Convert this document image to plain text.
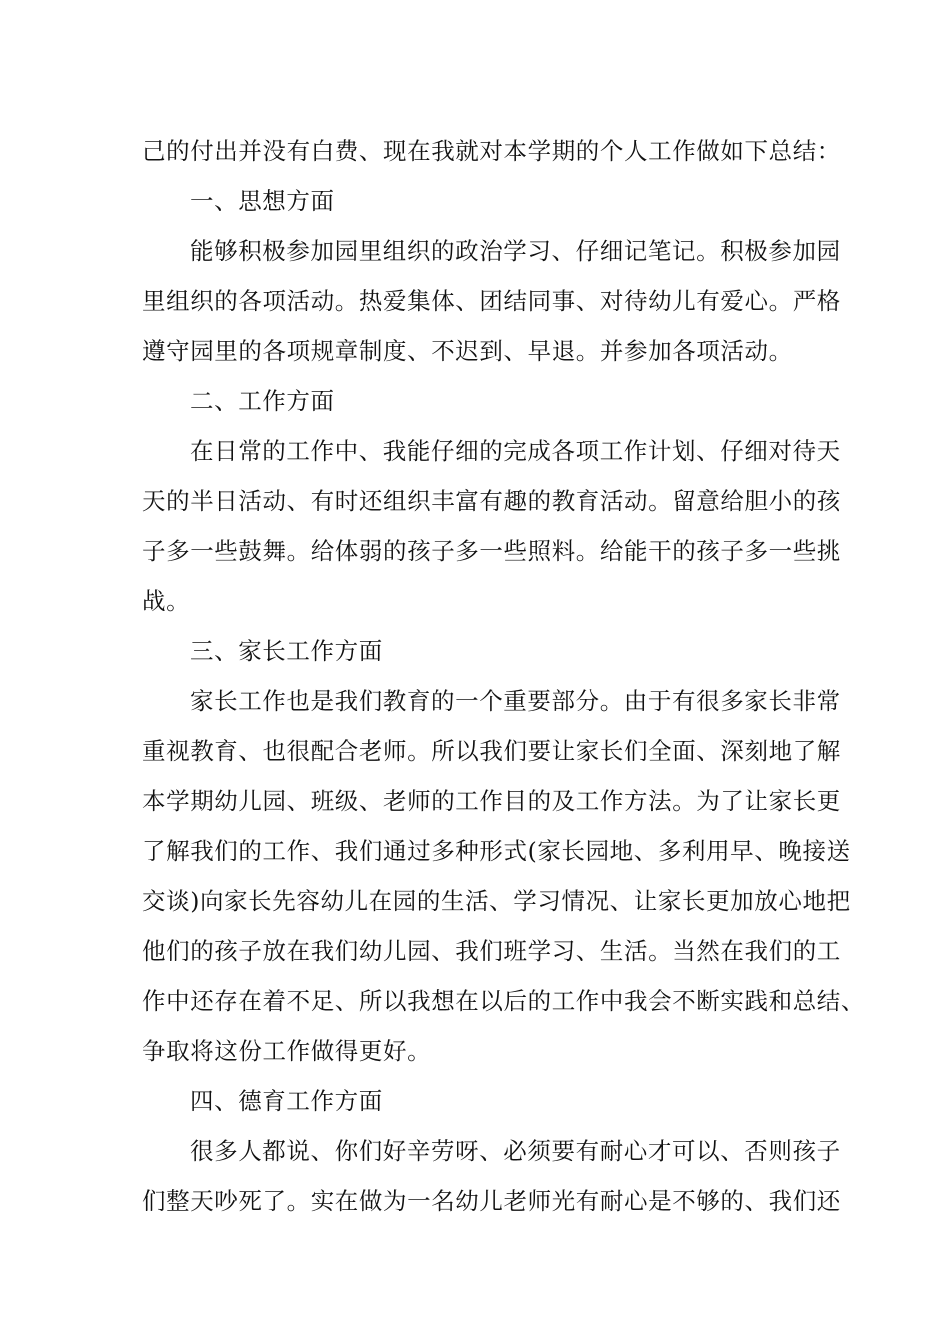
己的付出并没有白费、现在我就对本学期的个人工作做如下总结：
一、思想方面
能够积极参加园里组织的政治学习、仔细记笔记。积极参加园
里组织的各项活动。热爱集体、团结同事、对待幼儿有爱心。严格
遵守园里的各项规章制度、不迟到、早退。并参加各项活动。
二、工作方面
在日常的工作中、我能仔细的完成各项工作计划、仔细对待天
天的半日活动、有时还组织丰富有趣的教育活动。留意给胆小的孩
子多一些鼓舞。给体弱的孩子多一些照料。给能干的孩子多一些挑
战。
三、家长工作方面
家长工作也是我们教育的一个重要部分。由于有很多家长非常
重视教育、也很配合老师。所以我们要让家长们全面、深刻地了解
本学期幼儿园、班级、老师的工作目的及工作方法。为了让家长更
了解我们的工作、我们通过多种形式(家长园地、多利用早、晚接送
交谈)向家长先容幼儿在园的生活、学习情况、让家长更加放心地把
他们的孩子放在我们幼儿园、我们班学习、生活。当然在我们的工
作中还存在着不足、所以我想在以后的工作中我会不断实践和总结、
争取将这份工作做得更好。
四、德育工作方面
很多人都说、你们好辛劳呀、必须要有耐心才可以、否则孩子
们整天吵死了。实在做为一名幼儿老师光有耐心是不够的、我们还
